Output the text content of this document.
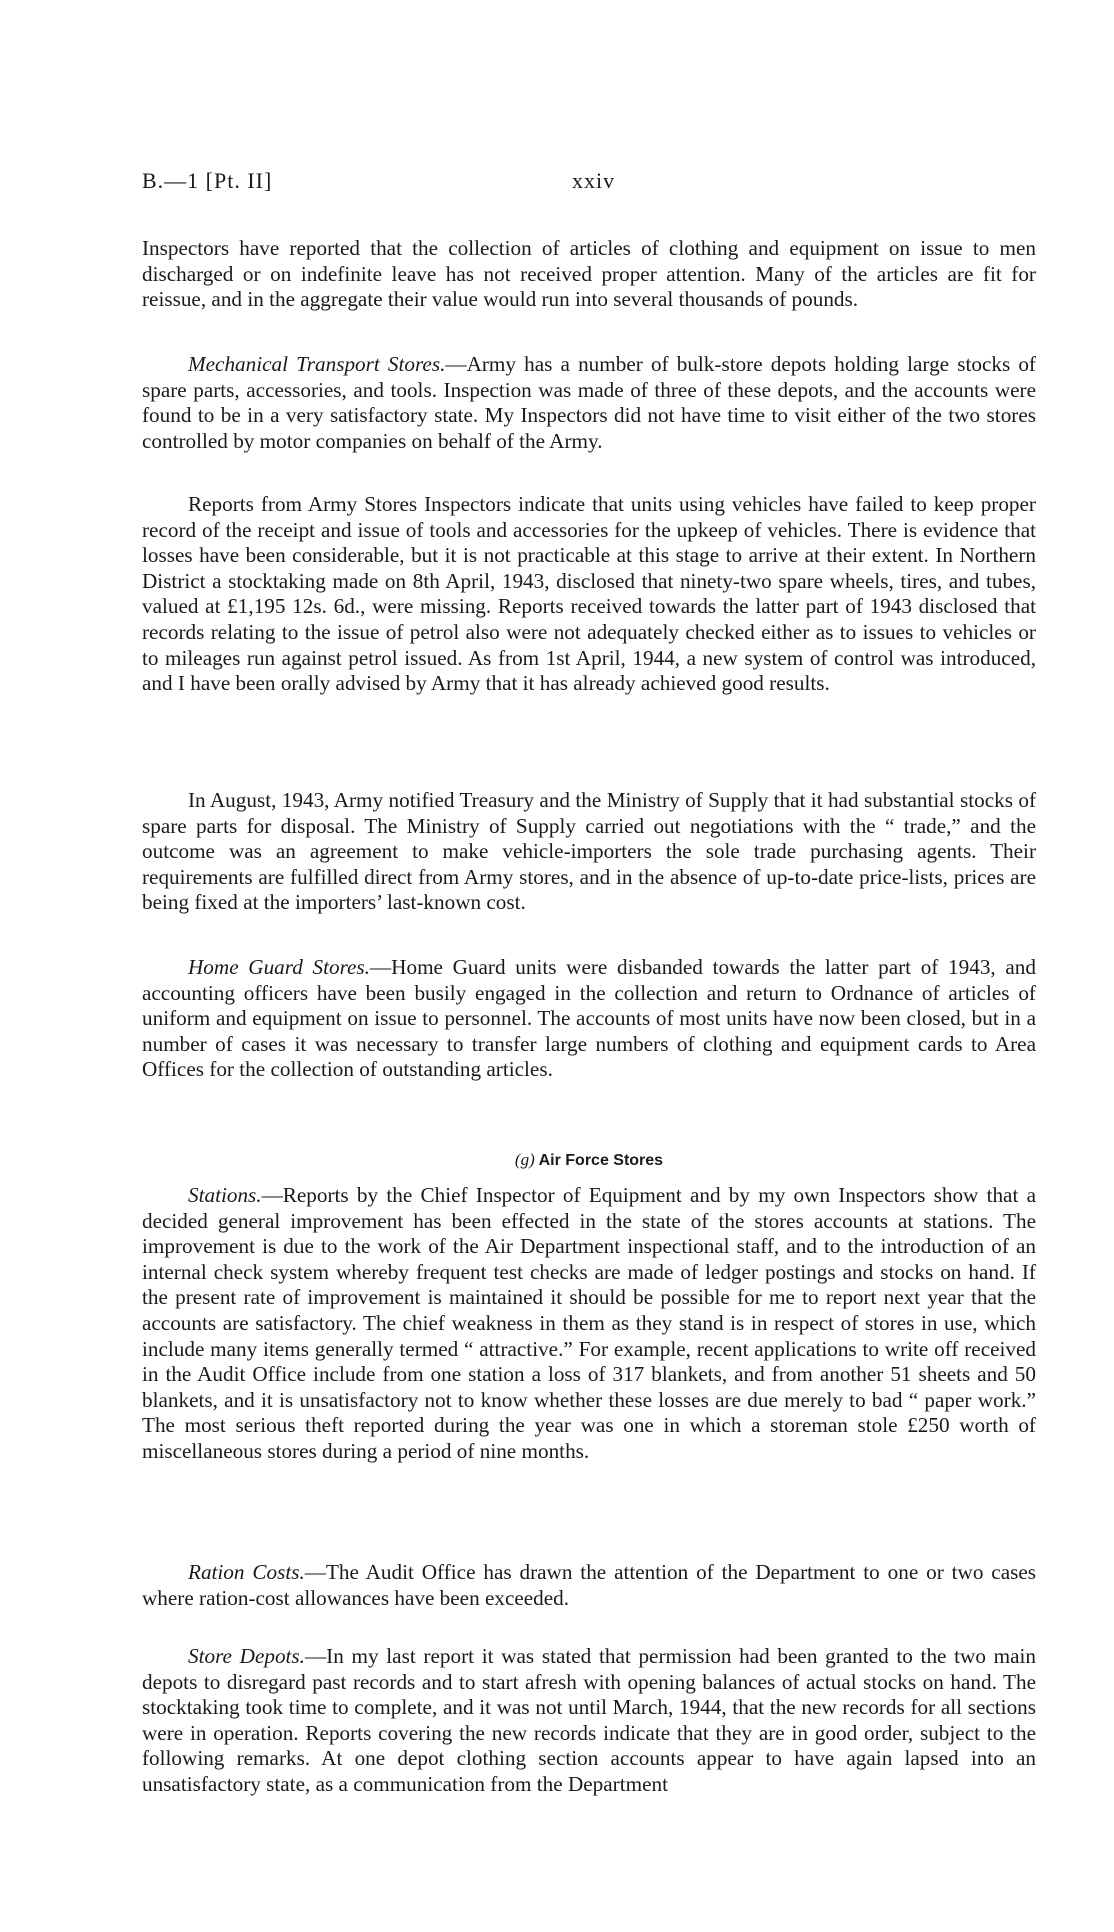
B.—1 [Pt. II]	xxiv

Inspectors have reported that the collection of articles of clothing and equipment on issue to men discharged or on indefinite leave has not received proper attention. Many of the articles are fit for reissue, and in the aggregate their value would run into several thousands of pounds.

Mechanical Transport Stores.—Army has a number of bulk-store depots holding large stocks of spare parts, accessories, and tools. Inspection was made of three of these depots, and the accounts were found to be in a very satisfactory state. My Inspectors did not have time to visit either of the two stores controlled by motor companies on behalf of the Army.

Reports from Army Stores Inspectors indicate that units using vehicles have failed to keep proper record of the receipt and issue of tools and accessories for the upkeep of vehicles. There is evidence that losses have been considerable, but it is not practicable at this stage to arrive at their extent. In Northern District a stocktaking made on 8th April, 1943, disclosed that ninety-two spare wheels, tires, and tubes, valued at £1,195 12s. 6d., were missing. Reports received towards the latter part of 1943 disclosed that records relating to the issue of petrol also were not adequately checked either as to issues to vehicles or to mileages run against petrol issued. As from 1st April, 1944, a new system of control was introduced, and I have been orally advised by Army that it has already achieved good results.

In August, 1943, Army notified Treasury and the Ministry of Supply that it had substantial stocks of spare parts for disposal. The Ministry of Supply carried out negotiations with the “ trade,” and the outcome was an agreement to make vehicle-importers the sole trade purchasing agents. Their requirements are fulfilled direct from Army stores, and in the absence of up-to-date price-lists, prices are being fixed at the importers’ last-known cost.

Home Guard Stores.—Home Guard units were disbanded towards the latter part of 1943, and accounting officers have been busily engaged in the collection and return to Ordnance of articles of uniform and equipment on issue to personnel. The accounts of most units have now been closed, but in a number of cases it was necessary to transfer large numbers of clothing and equipment cards to Area Offices for the collection of outstanding articles.

(g) Air Force Stores

Stations.—Reports by the Chief Inspector of Equipment and by my own Inspectors show that a decided general improvement has been effected in the state of the stores accounts at stations. The improvement is due to the work of the Air Department inspectional staff, and to the introduction of an internal check system whereby frequent test checks are made of ledger postings and stocks on hand. If the present rate of improvement is maintained it should be possible for me to report next year that the accounts are satisfactory. The chief weakness in them as they stand is in respect of stores in use, which include many items generally termed “ attractive.” For example, recent applications to write off received in the Audit Office include from one station a loss of 317 blankets, and from another 51 sheets and 50 blankets, and it is unsatisfactory not to know whether these losses are due merely to bad “ paper work.” The most serious theft reported during the year was one in which a storeman stole £250 worth of miscellaneous stores during a period of nine months.

Ration Costs.—The Audit Office has drawn the attention of the Department to one or two cases where ration-cost allowances have been exceeded.

Store Depots.—In my last report it was stated that permission had been granted to the two main depots to disregard past records and to start afresh with opening balances of actual stocks on hand. The stocktaking took time to complete, and it was not until March, 1944, that the new records for all sections were in operation. Reports covering the new records indicate that they are in good order, subject to the following remarks. At one depot clothing section accounts appear to have again lapsed into an unsatisfactory state, as a communication from the Department
